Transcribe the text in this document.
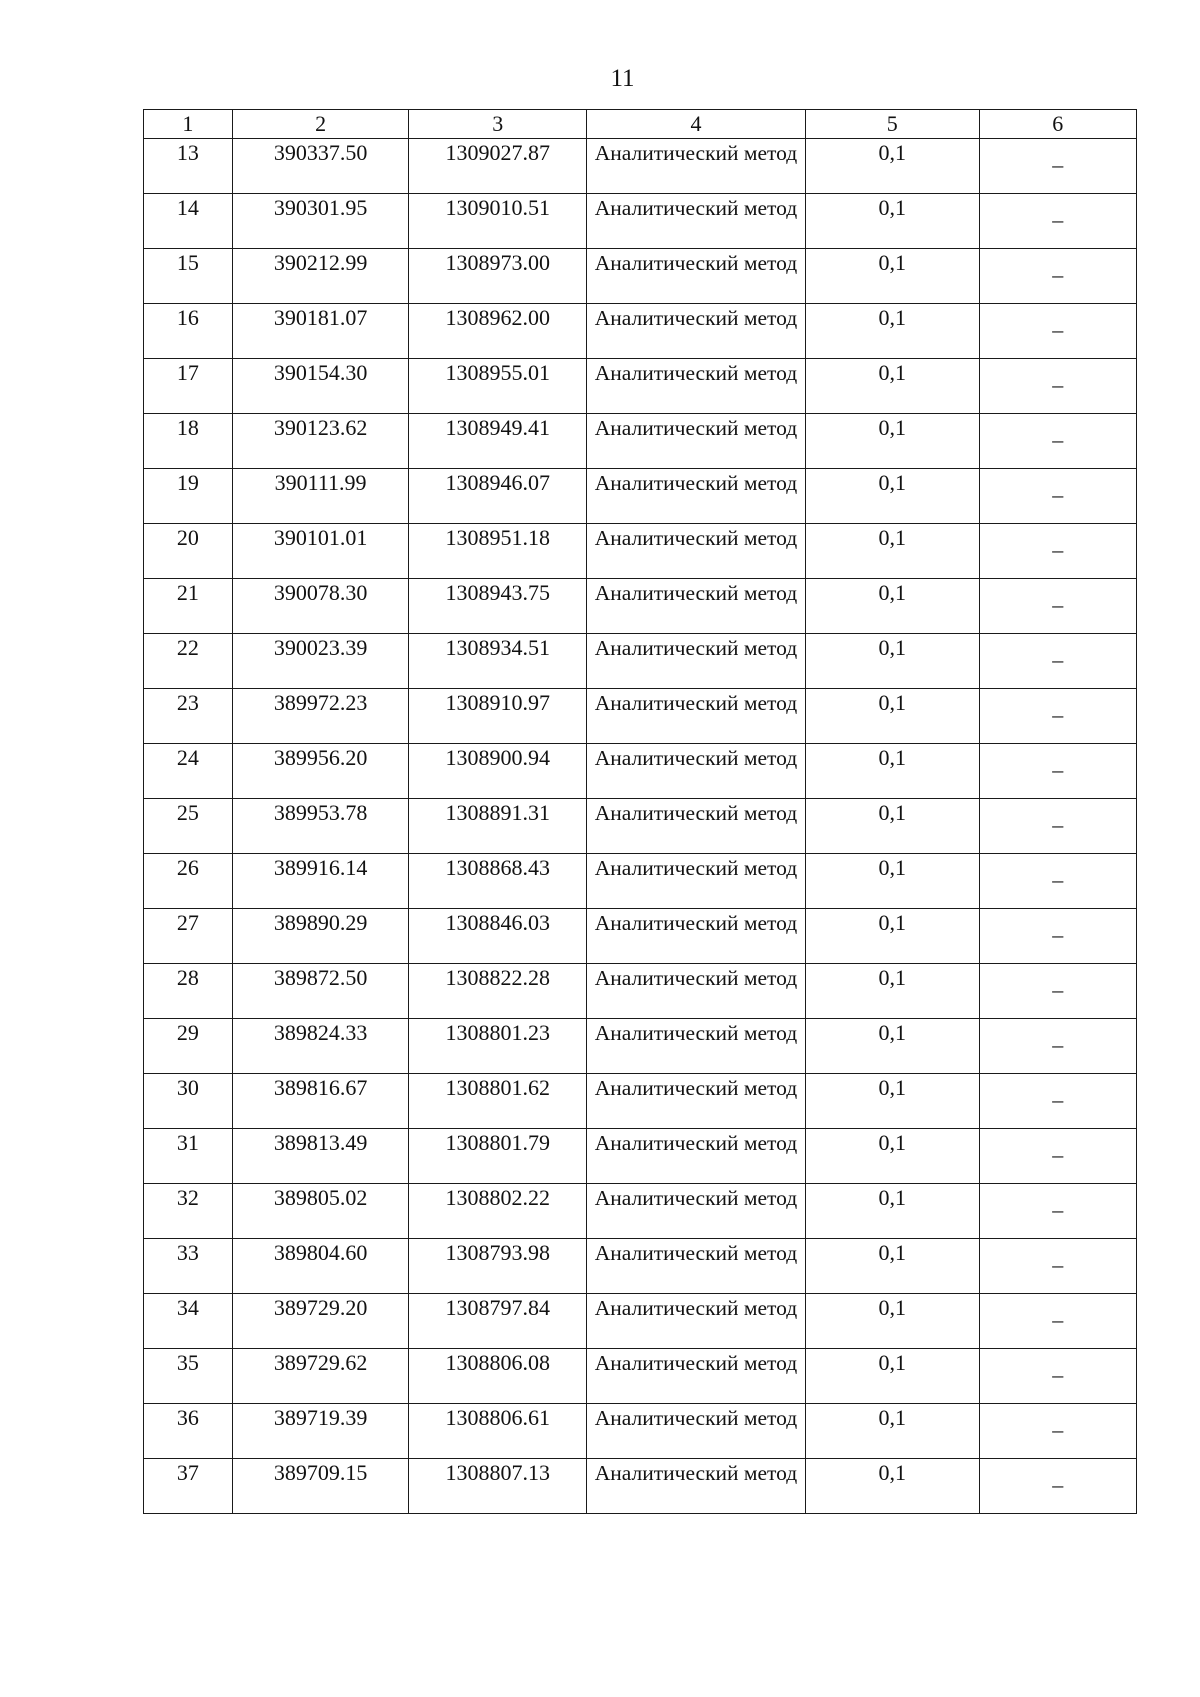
11
1	2	3	4	5	6

13	390337.50	1309027.87	Аналитический метод	0,1	–

14	390301.95	1309010.51	Аналитический метод	0,1	–

15	390212.99	1308973.00	Аналитический метод	0,1	–

16	390181.07	1308962.00	Аналитический метод	0,1	–

17	390154.30	1308955.01	Аналитический метод	0,1	–

18	390123.62	1308949.41	Аналитический метод	0,1	–

19	390111.99	1308946.07	Аналитический метод	0,1	–

20	390101.01	1308951.18	Аналитический метод	0,1	–

21	390078.30	1308943.75	Аналитический метод	0,1	–

22	390023.39	1308934.51	Аналитический метод	0,1	–

23	389972.23	1308910.97	Аналитический метод	0,1	–

24	389956.20	1308900.94	Аналитический метод	0,1	–

25	389953.78	1308891.31	Аналитический метод	0,1	–

26	389916.14	1308868.43	Аналитический метод	0,1	–

27	389890.29	1308846.03	Аналитический метод	0,1	–

28	389872.50	1308822.28	Аналитический метод	0,1	–

29	389824.33	1308801.23	Аналитический метод	0,1	–

30	389816.67	1308801.62	Аналитический метод	0,1	–

31	389813.49	1308801.79	Аналитический метод	0,1	–

32	389805.02	1308802.22	Аналитический метод	0,1	–

33	389804.60	1308793.98	Аналитический метод	0,1	–

34	389729.20	1308797.84	Аналитический метод	0,1	–

35	389729.62	1308806.08	Аналитический метод	0,1	–

36	389719.39	1308806.61	Аналитический метод	0,1	–

37	389709.15	1308807.13	Аналитический метод	0,1	–
